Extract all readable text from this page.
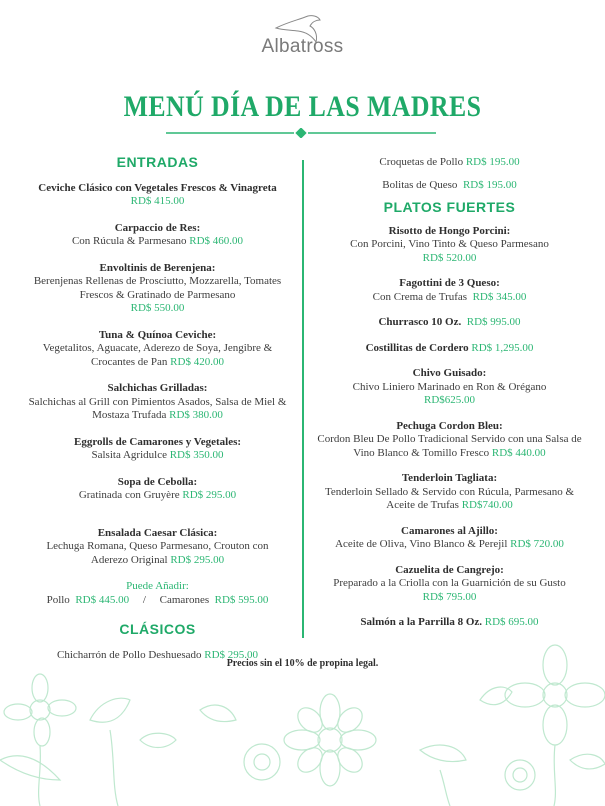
Albatross
MENÚ DÍA DE LAS MADRES
ENTRADAS
Ceviche Clásico con Vegetales Frescos & Vinagreta
RD$ 415.00
Carpaccio de Res:
Con Rúcula & Parmesano RD$ 460.00
Envoltinis de Berenjena:
Berenjenas Rellenas de Prosciutto, Mozzarella, Tomates Frescos & Gratinado de Parmesano
RD$ 550.00
Tuna & Quínoa Ceviche:
Vegetalitos, Aguacate, Aderezo de Soya, Jengibre & Crocantes de Pan RD$ 420.00
Salchichas Grilladas:
Salchichas al Grill con Pimientos Asados, Salsa de Miel & Mostaza Trufada RD$ 380.00
Eggrolls de Camarones y Vegetales:
Salsita Agridulce RD$ 350.00
Sopa de Cebolla:
Gratinada con Gruyère RD$ 295.00
Ensalada Caesar Clásica:
Lechuga Romana, Queso Parmesano, Crouton con Aderezo Original RD$ 295.00
Puede Añadir:
Pollo RD$ 445.00 / Camarones RD$ 595.00
CLÁSICOS
Chicharrón de Pollo Deshuesado RD$ 295.00
Croquetas de Pollo RD$ 195.00
Bolitas de Queso RD$ 195.00
PLATOS FUERTES
Risotto de Hongo Porcini:
Con Porcini, Vino Tinto & Queso Parmesano
RD$ 520.00
Fagottini de 3 Queso:
Con Crema de Trufas RD$ 345.00
Churrasco 10 Oz. RD$ 995.00
Costillitas de Cordero RD$ 1,295.00
Chivo Guisado:
Chivo Liniero Marinado en Ron & Orégano
RD$625.00
Pechuga Cordon Bleu:
Cordon Bleu De Pollo Tradicional Servido con una Salsa de Vino Blanco & Tomillo Fresco RD$ 440.00
Tenderloin Tagliata:
Tenderloin Sellado & Servido con Rúcula, Parmesano & Aceite de Trufas RD$740.00
Camarones al Ajillo:
Aceite de Oliva, Vino Blanco & Perejil RD$ 720.00
Cazuelita de Cangrejo:
Preparado a la Criolla con la Guarnición de su Gusto
RD$ 795.00
Salmón a la Parrilla 8 Oz. RD$ 695.00
Precios sin el 10% de propina legal.
